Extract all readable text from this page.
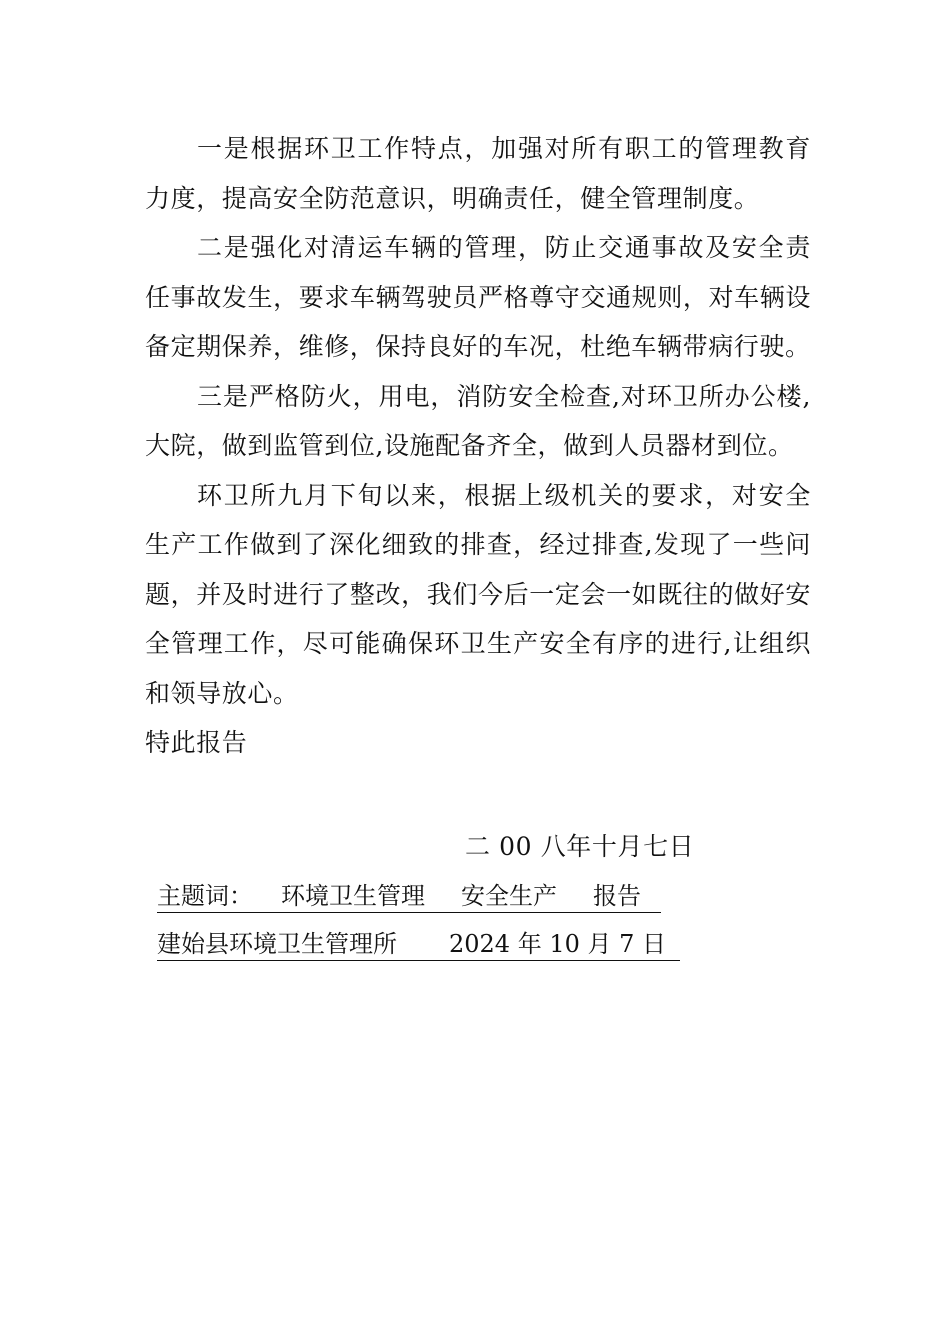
一是根据环卫工作特点，加强对所有职工的管理教育力度，提高安全防范意识，明确责任，健全管理制度。

二是强化对清运车辆的管理，防止交通事故及安全责任事故发生，要求车辆驾驶员严格尊守交通规则，对车辆设备定期保养，维修，保持良好的车况，杜绝车辆带病行驶。

三是严格防火，用电，消防安全检查,对环卫所办公楼,大院，做到监管到位,设施配备齐全，做到人员器材到位。

环卫所九月下旬以来，根据上级机关的要求，对安全生产工作做到了深化细致的排查，经过排查,发现了一些问题，并及时进行了整改，我们今后一定会一如既往的做好安全管理工作，尽可能确保环卫生产安全有序的进行,让组织和领导放心。

特此报告

二 00 八年十月七日
主题词： 环境卫生管理 安全生产 报告
建始县环境卫生管理所 2024 年 10 月 7 日
